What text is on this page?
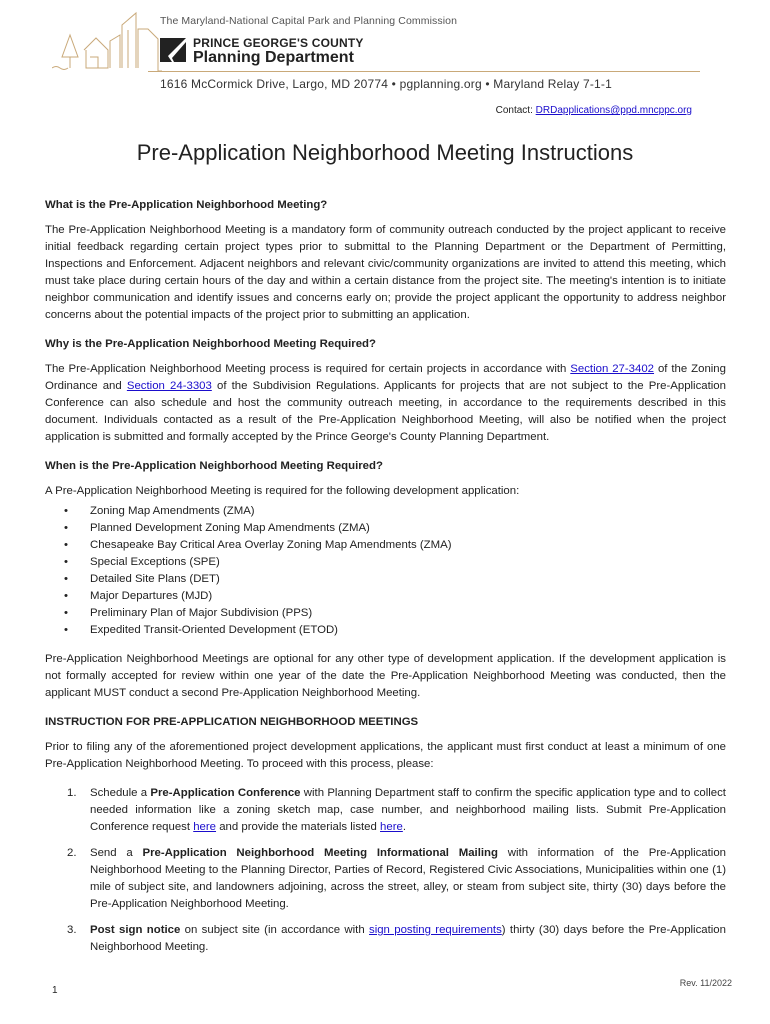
The Maryland-National Capital Park and Planning Commission
PRINCE GEORGE'S COUNTY
Planning Department
1616 McCormick Drive, Largo, MD 20774 • pgplanning.org • Maryland Relay 7-1-1
Contact: DRDapplications@ppd.mncppc.org
Pre-Application Neighborhood Meeting Instructions
What is the Pre-Application Neighborhood Meeting?

The Pre-Application Neighborhood Meeting is a mandatory form of community outreach conducted by the project applicant to receive initial feedback regarding certain project types prior to submittal to the Planning Department or the Department of Permitting, Inspections and Enforcement. Adjacent neighbors and relevant civic/community organizations are invited to attend this meeting, which must take place during certain hours of the day and within a certain distance from the project site. The meeting's intention is to initiate neighbor communication and identify issues and concerns early on; provide the project applicant the opportunity to address neighbor concerns about the potential impacts of the project prior to submitting an application.

Why is the Pre-Application Neighborhood Meeting Required?

The Pre-Application Neighborhood Meeting process is required for certain projects in accordance with Section 27-3402 of the Zoning Ordinance and Section 24-3303 of the Subdivision Regulations. Applicants for projects that are not subject to the Pre-Application Conference can also schedule and host the community outreach meeting, in accordance to the requirements described in this document. Individuals contacted as a result of the Pre-Application Neighborhood Meeting, will also be notified when the project application is submitted and formally accepted by the Prince George's County Planning Department.

When is the Pre-Application Neighborhood Meeting Required?

A Pre-Application Neighborhood Meeting is required for the following development application:

• Zoning Map Amendments (ZMA)
• Planned Development Zoning Map Amendments (ZMA)
• Chesapeake Bay Critical Area Overlay Zoning Map Amendments (ZMA)
• Special Exceptions (SPE)
• Detailed Site Plans (DET)
• Major Departures (MJD)
• Preliminary Plan of Major Subdivision (PPS)
• Expedited Transit-Oriented Development (ETOD)

Pre-Application Neighborhood Meetings are optional for any other type of development application. If the development application is not formally accepted for review within one year of the date the Pre-Application Neighborhood Meeting was conducted, then the applicant MUST conduct a second Pre-Application Neighborhood Meeting.

INSTRUCTION FOR PRE-APPLICATION NEIGHBORHOOD MEETINGS

Prior to filing any of the aforementioned project development applications, the applicant must first conduct at least a minimum of one Pre-Application Neighborhood Meeting. To proceed with this process, please:

1. Schedule a Pre-Application Conference with Planning Department staff to confirm the specific application type and to collect needed information like a zoning sketch map, case number, and neighborhood mailing lists. Submit Pre-Application Conference request here and provide the materials listed here.
2. Send a Pre-Application Neighborhood Meeting Informational Mailing with information of the Pre-Application Neighborhood Meeting to the Planning Director, Parties of Record, Registered Civic Associations, Municipalities within one (1) mile of subject site, and landowners adjoining, across the street, alley, or steam from subject site, thirty (30) days before the Pre-Application Neighborhood Meeting.
3. Post sign notice on subject site (in accordance with sign posting requirements) thirty (30) days before the Pre-Application Neighborhood Meeting.
1
Rev. 11/2022
